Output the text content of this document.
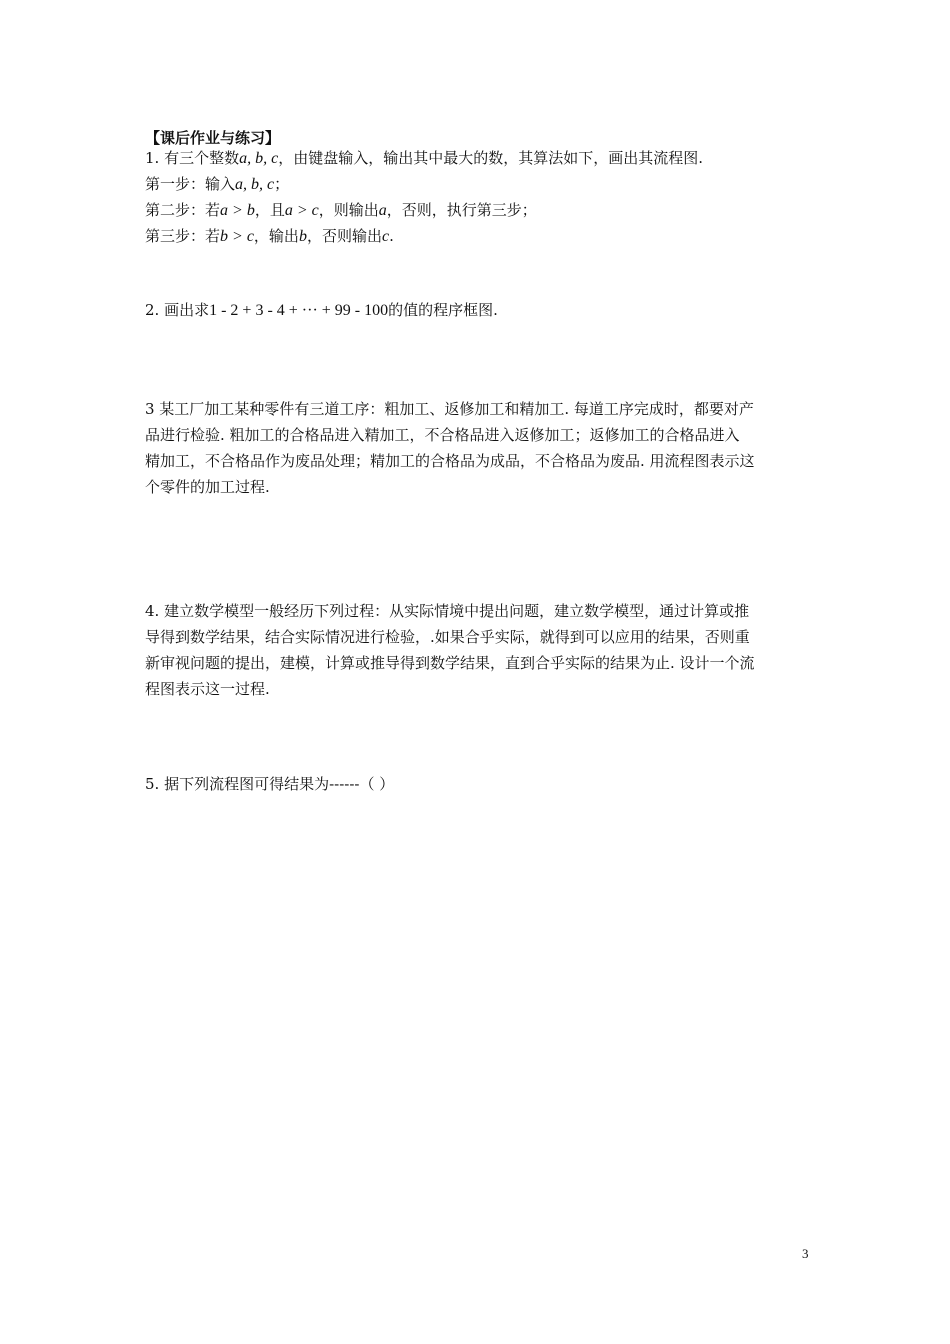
【课后作业与练习】
1. 有三个整数a, b, c，由键盘输入，输出其中最大的数，其算法如下，画出其流程图.
第一步：输入a, b, c；
第二步：若a > b，且a > c，则输出a，否则，执行第三步；
第三步：若b > c，输出b，否则输出c.
2. 画出求1 - 2 + 3 - 4 + ··· + 99 - 100的值的程序框图.
3 某工厂加工某种零件有三道工序：粗加工、返修加工和精加工. 每道工序完成时，都要对产
品进行检验. 粗加工的合格品进入精加工，不合格品进入返修加工；返修加工的合格品进入
精加工，不合格品作为废品处理；精加工的合格品为成品，不合格品为废品. 用流程图表示这
个零件的加工过程.
4. 建立数学模型一般经历下列过程：从实际情境中提出问题，建立数学模型，通过计算或推
导得到数学结果，结合实际情况进行检验，.如果合乎实际，就得到可以应用的结果，否则重
新审视问题的提出，建模，计算或推导得到数学结果，直到合乎实际的结果为止. 设计一个流
程图表示这一过程.
5. 据下列流程图可得结果为------（ ）
3
